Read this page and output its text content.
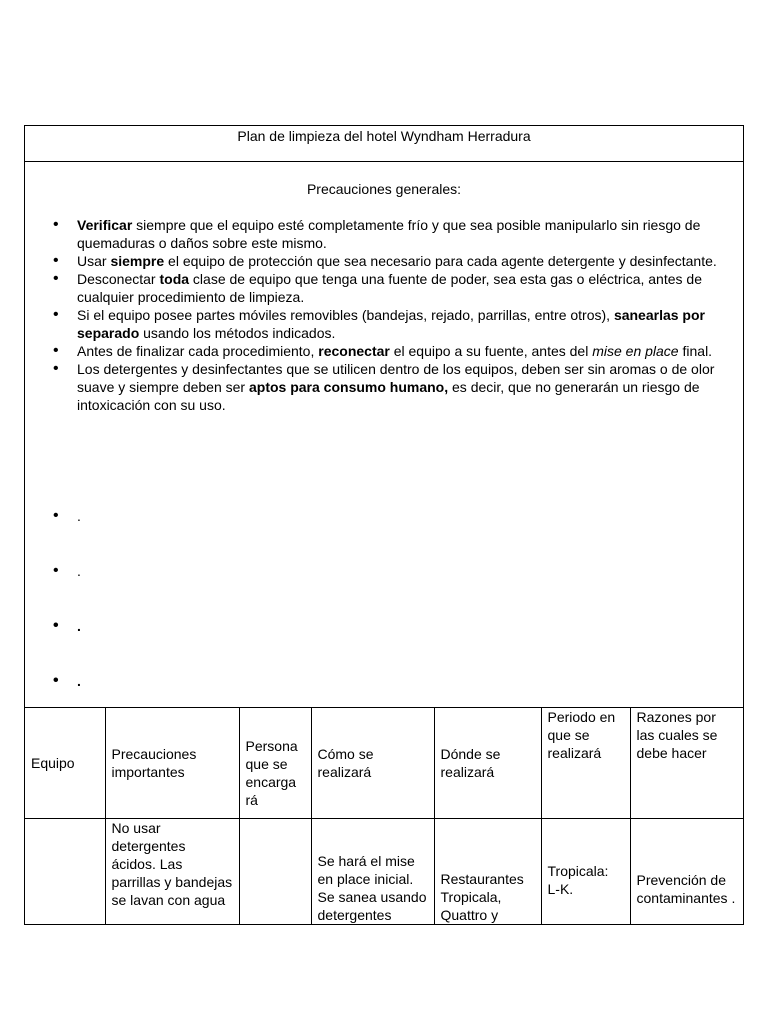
Plan de limpieza del hotel Wyndham Herradura
Precauciones generales:
• Verificar siempre que el equipo esté completamente frío y que sea posible manipularlo sin riesgo de quemaduras o daños sobre este mismo.
• Usar siempre el equipo de protección que sea necesario para cada agente detergente y desinfectante.
• Desconectar toda clase de equipo que tenga una fuente de poder, sea esta gas o eléctrica, antes de cualquier procedimiento de limpieza.
• Si el equipo posee partes móviles removibles (bandejas, rejado, parrillas, entre otros), sanearlas por separado usando los métodos indicados.
• Antes de finalizar cada procedimiento, reconectar el equipo a su fuente, antes del mise en place final.
• Los detergentes y desinfectantes que se utilicen dentro de los equipos, deben ser sin aromas o de olor suave y siempre deben ser aptos para consumo humano, es decir, que no generarán un riesgo de intoxicación con su uso.
• .
• .
• .
• .
Equipo	Precauciones importantes	Persona que se encarga rá	Cómo se realizará	Dónde se realizará	Periodo en que se realizará	Razones por las cuales se debe hacer

	No usar detergentes ácidos. Las parrillas y bandejas se lavan con agua		Se hará el mise en place inicial. Se sanea usando detergentes	Restaurantes Tropicala, Quattro y	Tropicala: L-K.	Prevención de contaminantes .
